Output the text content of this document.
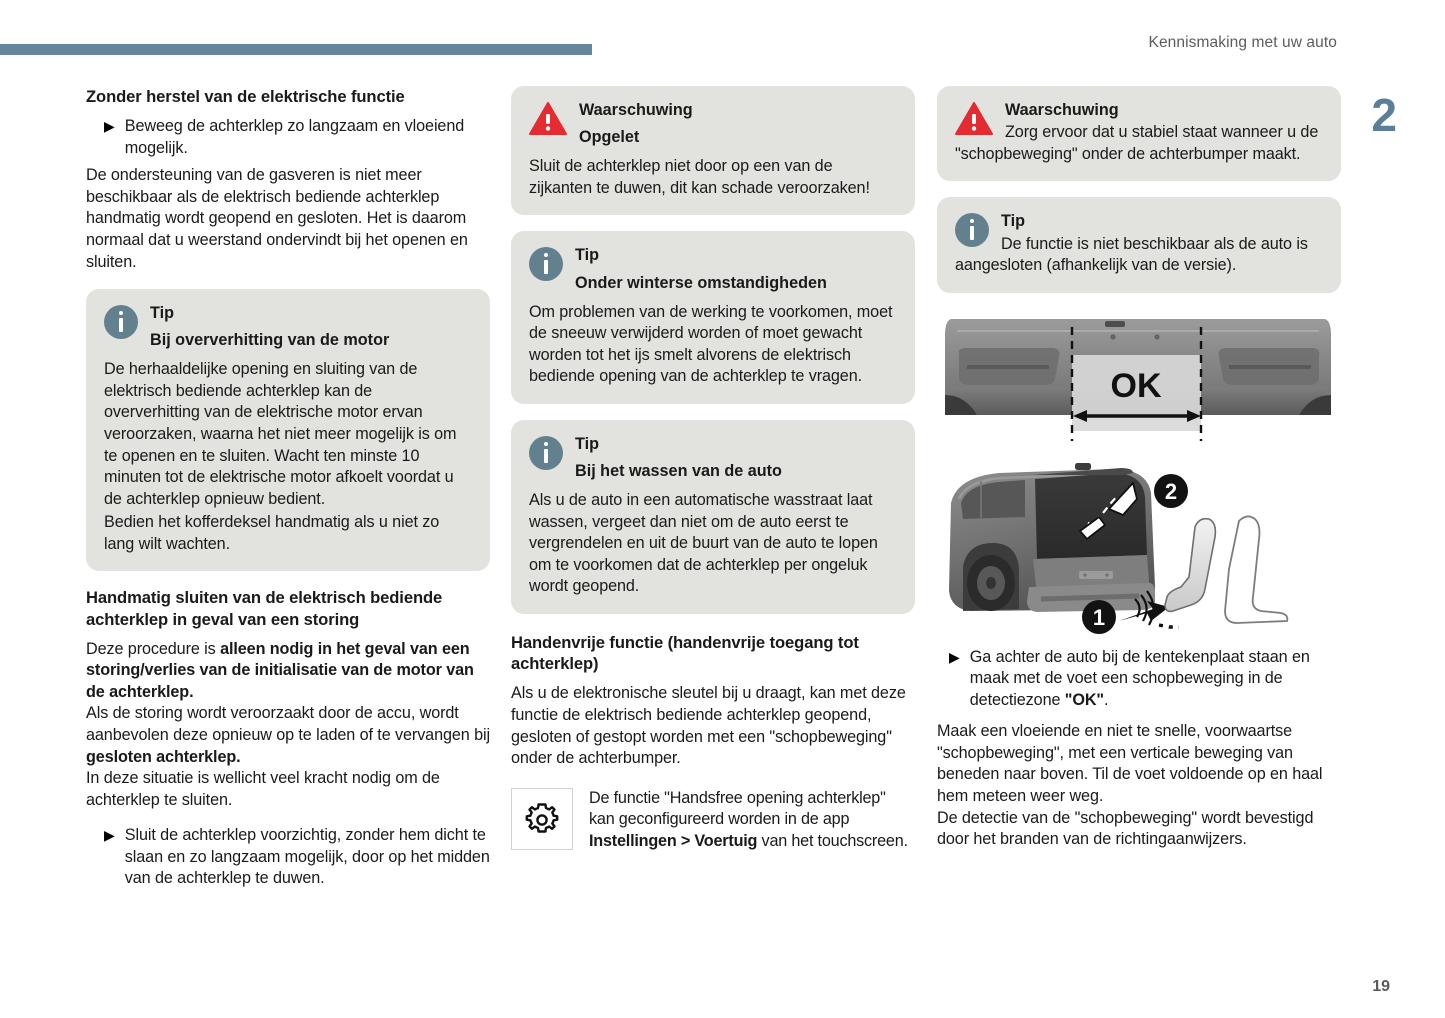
Kennismaking met uw auto
2
19
Zonder herstel van de elektrische functie
▶ Beweeg de achterklep zo langzaam en vloeiend mogelijk.

De ondersteuning van de gasveren is niet meer beschikbaar als de elektrisch bediende achterklep handmatig wordt geopend en gesloten. Het is daarom normaal dat u weerstand ondervindt bij het openen en sluiten.

Tip

Bij oververhitting van de motor

De herhaaldelijke opening en sluiting van de elektrisch bediende achterklep kan de oververhitting van de elektrische motor ervan veroorzaken, waarna het niet meer mogelijk is om te openen en te sluiten. Wacht ten minste 10 minuten tot de elektrische motor afkoelt voordat u de achterklep opnieuw bedient.

Bedien het kofferdeksel handmatig als u niet zo lang wilt wachten.

Handmatig sluiten van de elektrisch bediende achterklep in geval van een storing

Deze procedure is alleen nodig in het geval van een storing/verlies van de initialisatie van de motor van de achterklep.

Als de storing wordt veroorzaakt door de accu, wordt aanbevolen deze opnieuw op te laden of te vervangen bij gesloten achterklep.

In deze situatie is wellicht veel kracht nodig om de achterklep te sluiten.

▶ Sluit de achterklep voorzichtig, zonder hem dicht te slaan en zo langzaam mogelijk, door op het midden van de achterklep te duwen.

Waarschuwing

Opgelet

Sluit de achterklep niet door op een van de zijkanten te duwen, dit kan schade veroorzaken!

Tip

Onder winterse omstandigheden

Om problemen van de werking te voorkomen, moet de sneeuw verwijderd worden of moet gewacht worden tot het ijs smelt alvorens de elektrisch bediende opening van de achterklep te vragen.

Tip

Bij het wassen van de auto

Als u de auto in een automatische wasstraat laat wassen, vergeet dan niet om de auto eerst te vergrendelen en uit de buurt van de auto te lopen om te voorkomen dat de achterklep per ongeluk wordt geopend.

Handenvrije functie (handenvrije toegang tot achterklep)

Als u de elektronische sleutel bij u draagt, kan met deze functie de elektrisch bediende achterklep geopend, gesloten of gestopt worden met een "schopbeweging" onder de achterbumper.

De functie "Handsfree opening achterklep" kan geconfigureerd worden in de app Instellingen > Voertuig van het touchscreen.

Waarschuwing

Zorg ervoor dat u stabiel staat wanneer u de "schopbeweging" onder de achterbumper maakt.

Tip

De functie is niet beschikbaar als de auto is aangesloten (afhankelijk van de versie).

OK
2
1
▶ Ga achter de auto bij de kentekenplaat staan en maak met de voet een schopbeweging in de detectiezone "OK".

Maak een vloeiende en niet te snelle, voorwaartse "schopbeweging", met een verticale beweging van beneden naar boven. Til de voet voldoende op en haal hem meteen weer weg.

De detectie van de "schopbeweging" wordt bevestigd door het branden van de richtingaanwijzers.
